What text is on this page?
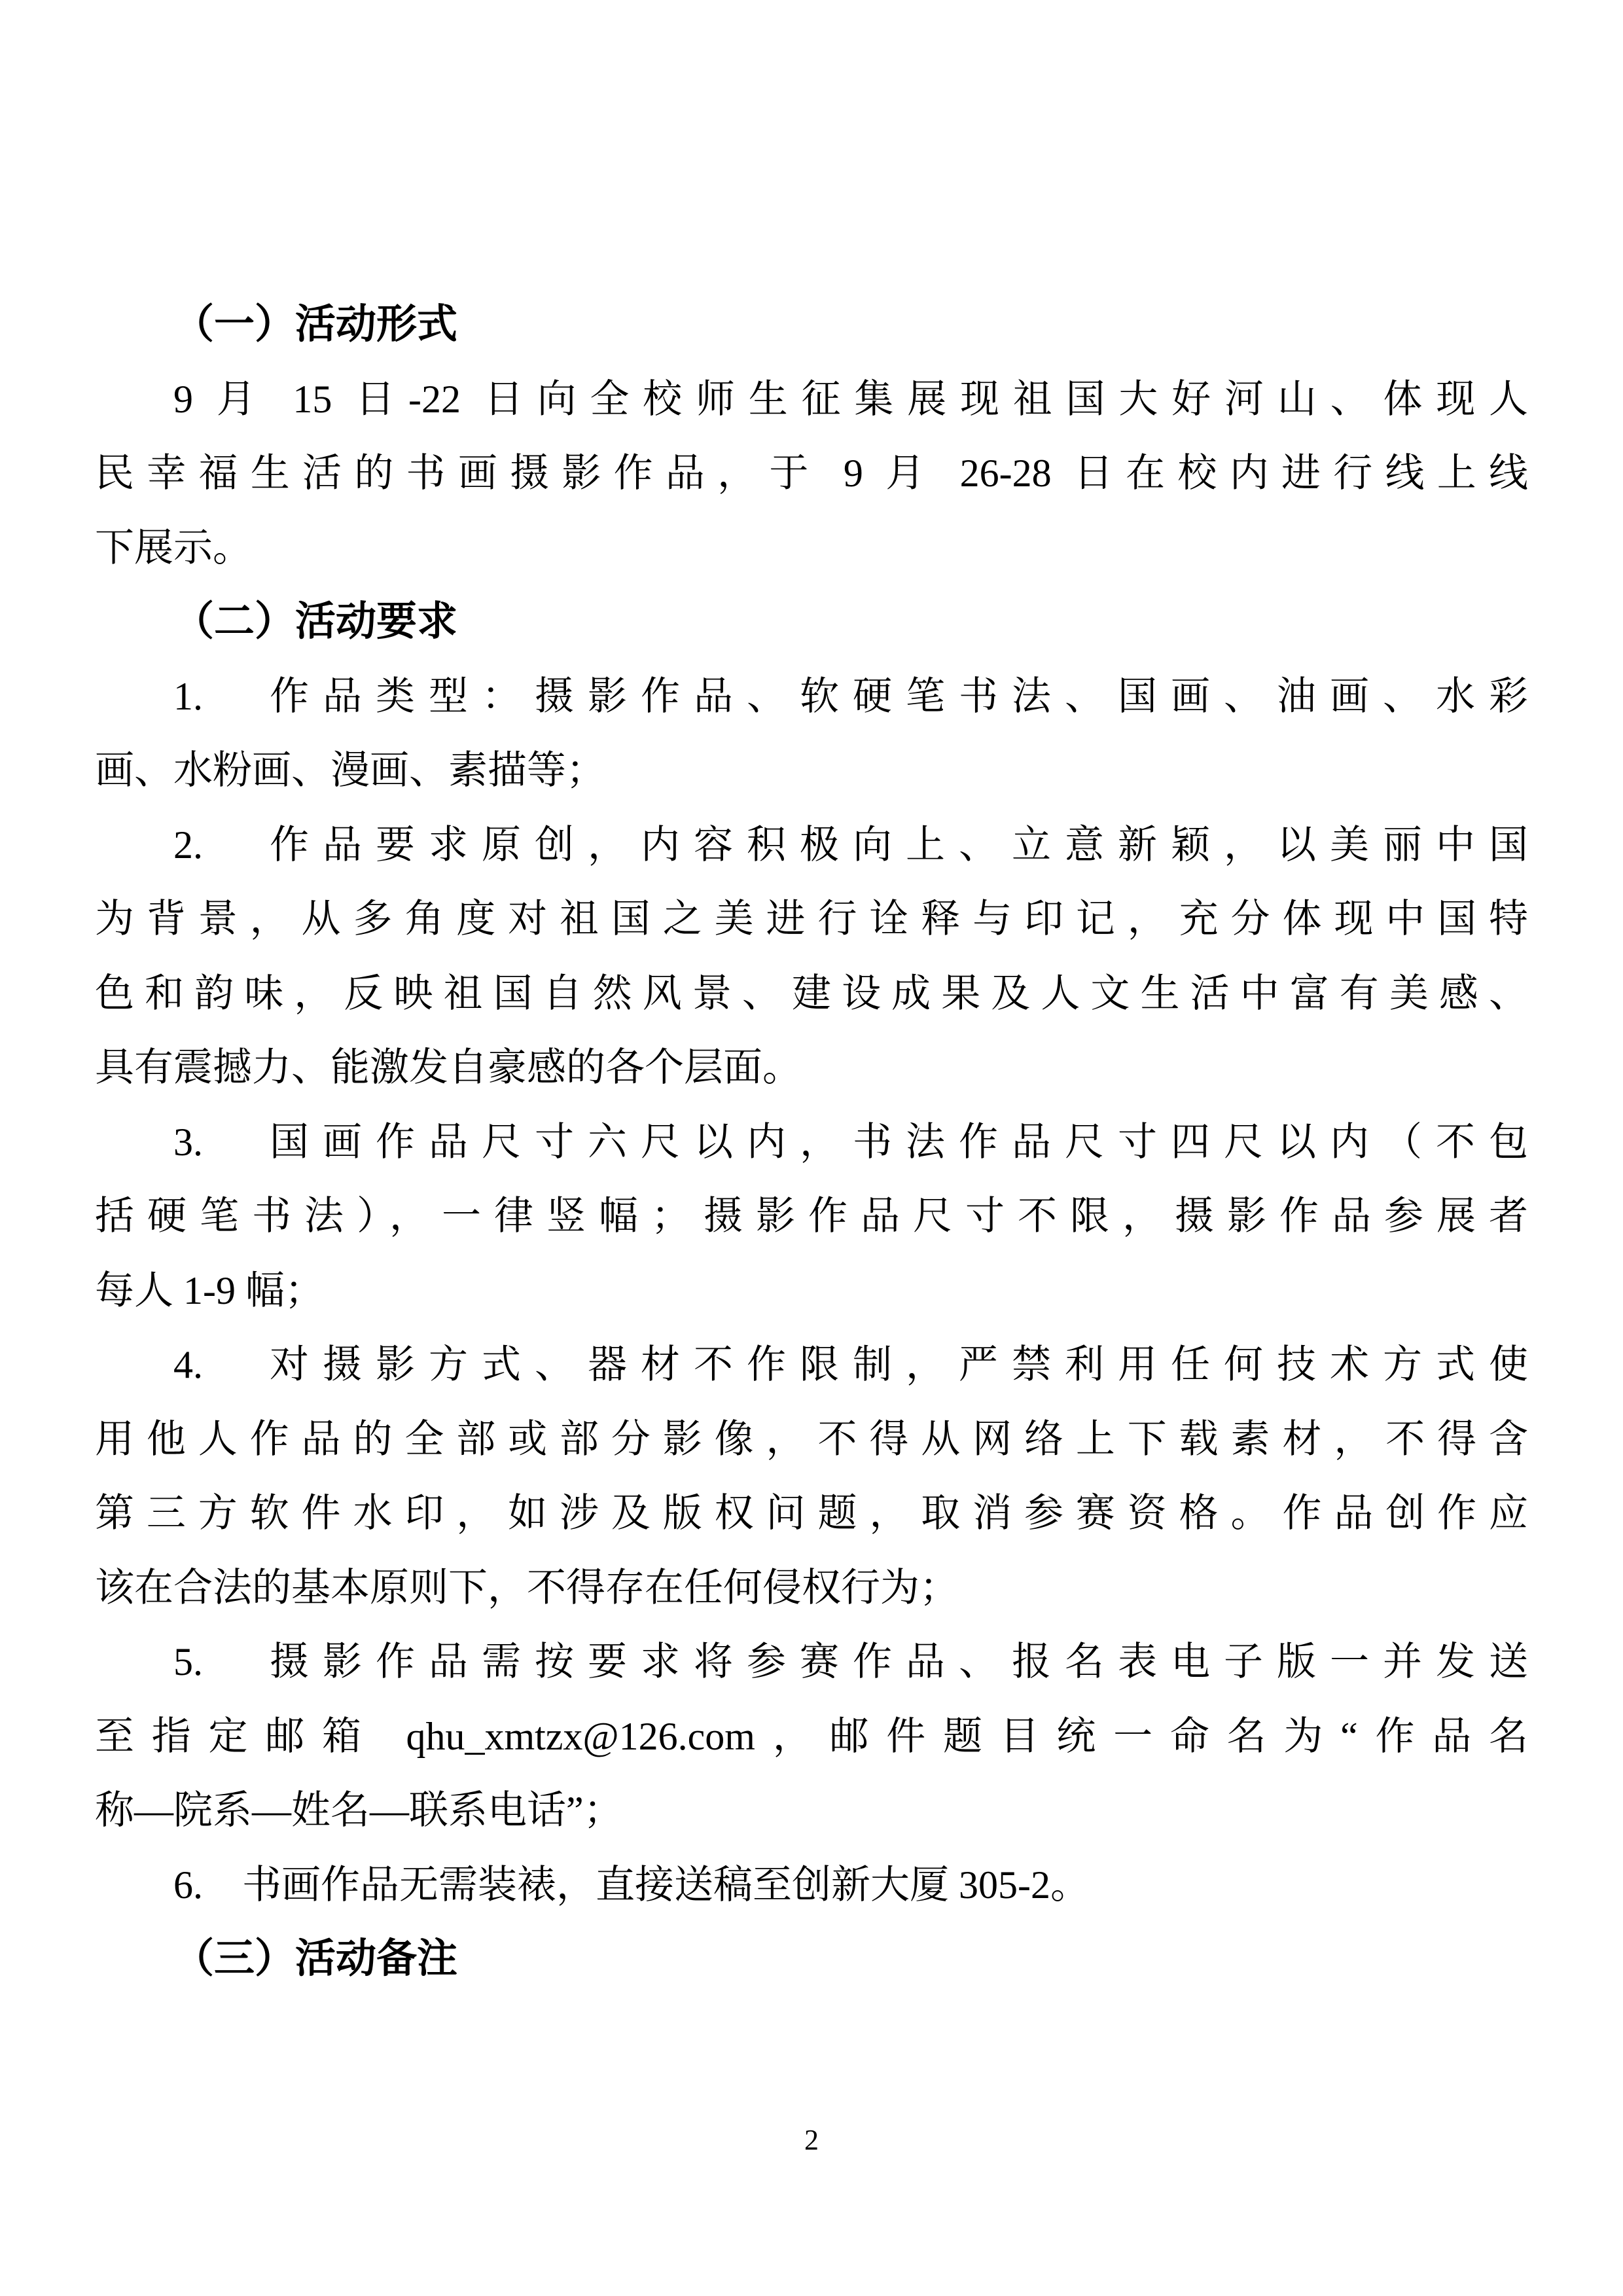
（一）活动形式
9 月 15 日-22 日向全校师生征集展现祖国大好河山、体现人
民幸福生活的书画摄影作品，于 9 月 26-28 日在校内进行线上线
下展示。
（二）活动要求
1.　作品类型：摄影作品、软硬笔书法、国画、油画、水彩
画、水粉画、漫画、素描等；
2.　作品要求原创，内容积极向上、立意新颖，以美丽中国
为背景，从多角度对祖国之美进行诠释与印记，充分体现中国特
色和韵味，反映祖国自然风景、建设成果及人文生活中富有美感、
具有震撼力、能激发自豪感的各个层面。
3.　国画作品尺寸六尺以内，书法作品尺寸四尺以内（不包
括硬笔书法），一律竖幅；摄影作品尺寸不限，摄影作品参展者
每人 1-9 幅；
4.　对摄影方式、器材不作限制，严禁利用任何技术方式使
用他人作品的全部或部分影像，不得从网络上下载素材，不得含
第三方软件水印，如涉及版权问题，取消参赛资格。作品创作应
该在合法的基本原则下，不得存在任何侵权行为；
5.　摄影作品需按要求将参赛作品、报名表电子版一并发送
至指定邮箱 qhu_xmtzx@126.com，邮件题目统一命名为“作品名
称—院系—姓名—联系电话”；
6.　书画作品无需装裱，直接送稿至创新大厦 305-2。
（三）活动备注
2
